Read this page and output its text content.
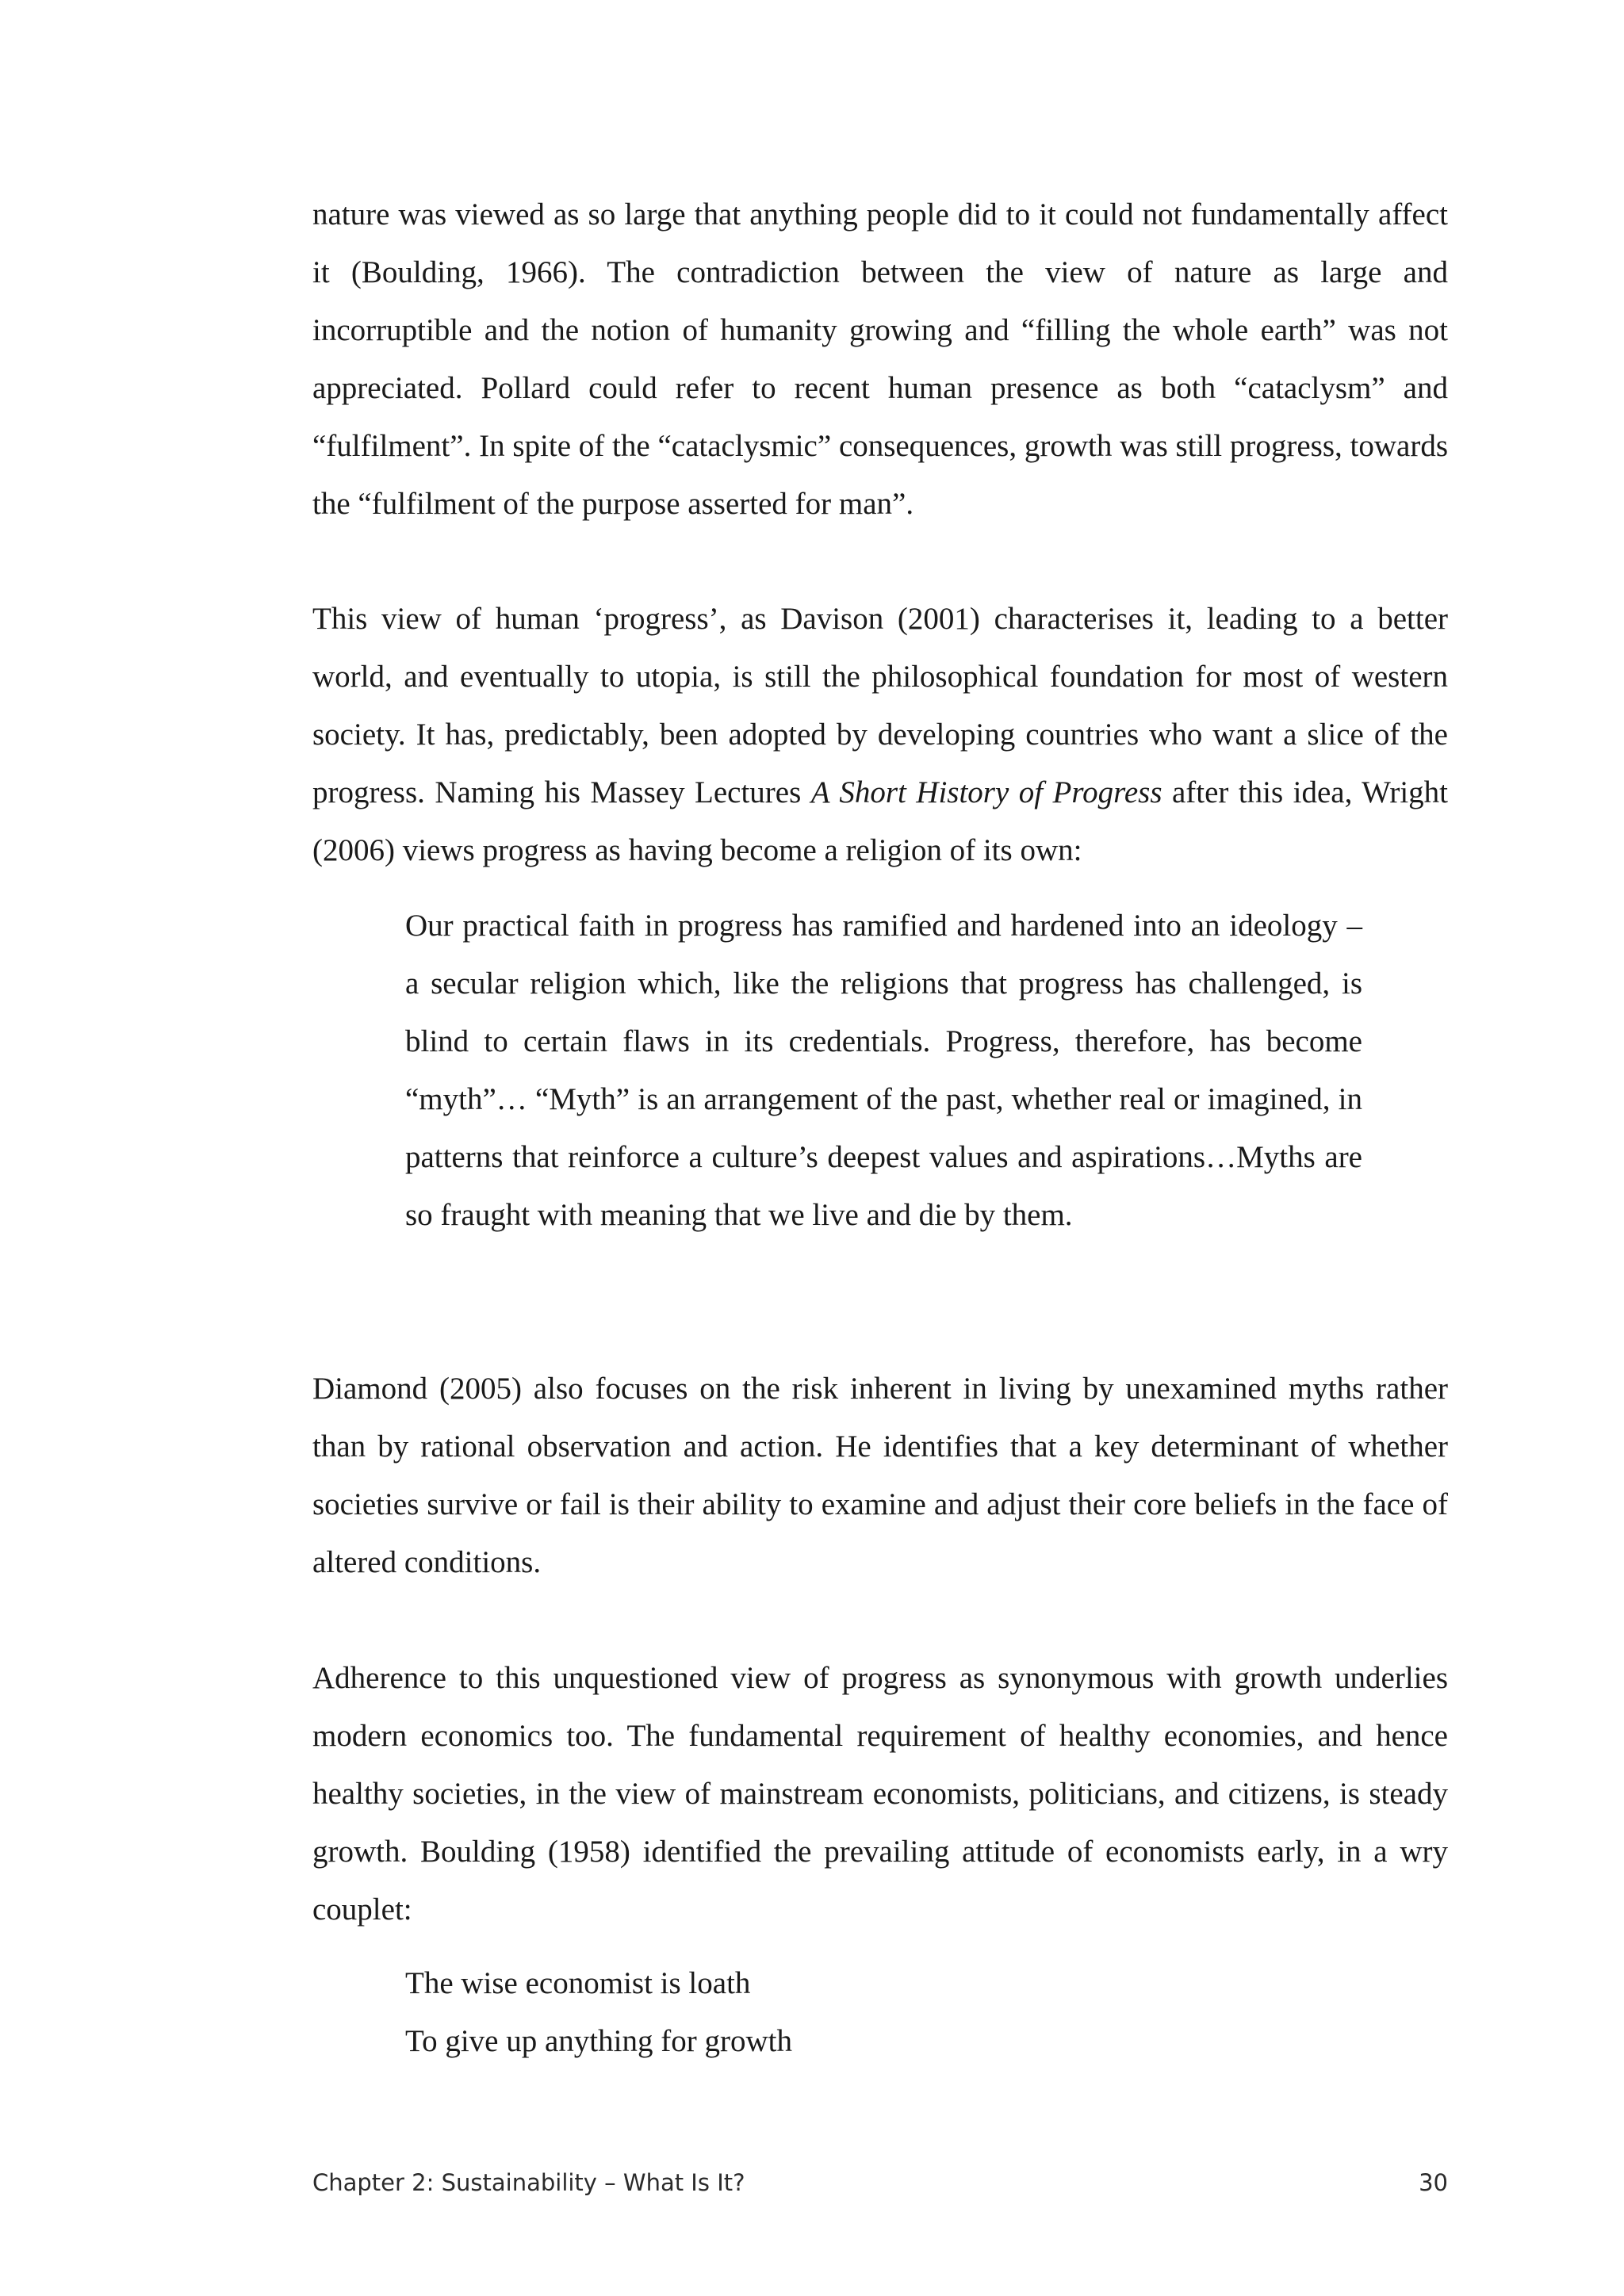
nature was viewed as so large that anything people did to it could not fundamentally affect it (Boulding, 1966). The contradiction between the view of nature as large and incorruptible and the notion of humanity growing and “filling the whole earth” was not appreciated. Pollard could refer to recent human presence as both “cataclysm” and “fulfilment”. In spite of the “cataclysmic” consequences, growth was still progress, towards the “fulfilment of the purpose asserted for man”.

This view of human ‘progress’, as Davison (2001) characterises it, leading to a better world, and eventually to utopia, is still the philosophical foundation for most of western society. It has, predictably, been adopted by developing countries who want a slice of the progress. Naming his Massey Lectures A Short History of Progress after this idea, Wright (2006) views progress as having become a religion of its own:

Our practical faith in progress has ramified and hardened into an ideology – a secular religion which, like the religions that progress has challenged, is blind to certain flaws in its credentials. Progress, therefore, has become “myth”… “Myth” is an arrangement of the past, whether real or imagined, in patterns that reinforce a culture’s deepest values and aspirations…Myths are so fraught with meaning that we live and die by them.

Diamond (2005) also focuses on the risk inherent in living by unexamined myths rather than by rational observation and action. He identifies that a key determinant of whether societies survive or fail is their ability to examine and adjust their core beliefs in the face of altered conditions.

Adherence to this unquestioned view of progress as synonymous with growth underlies modern economics too. The fundamental requirement of healthy economies, and hence healthy societies, in the view of mainstream economists, politicians, and citizens, is steady growth. Boulding (1958) identified the prevailing attitude of economists early, in a wry couplet:

The wise economist is loath
To give up anything for growth
Chapter 2: Sustainability – What Is It?	30
